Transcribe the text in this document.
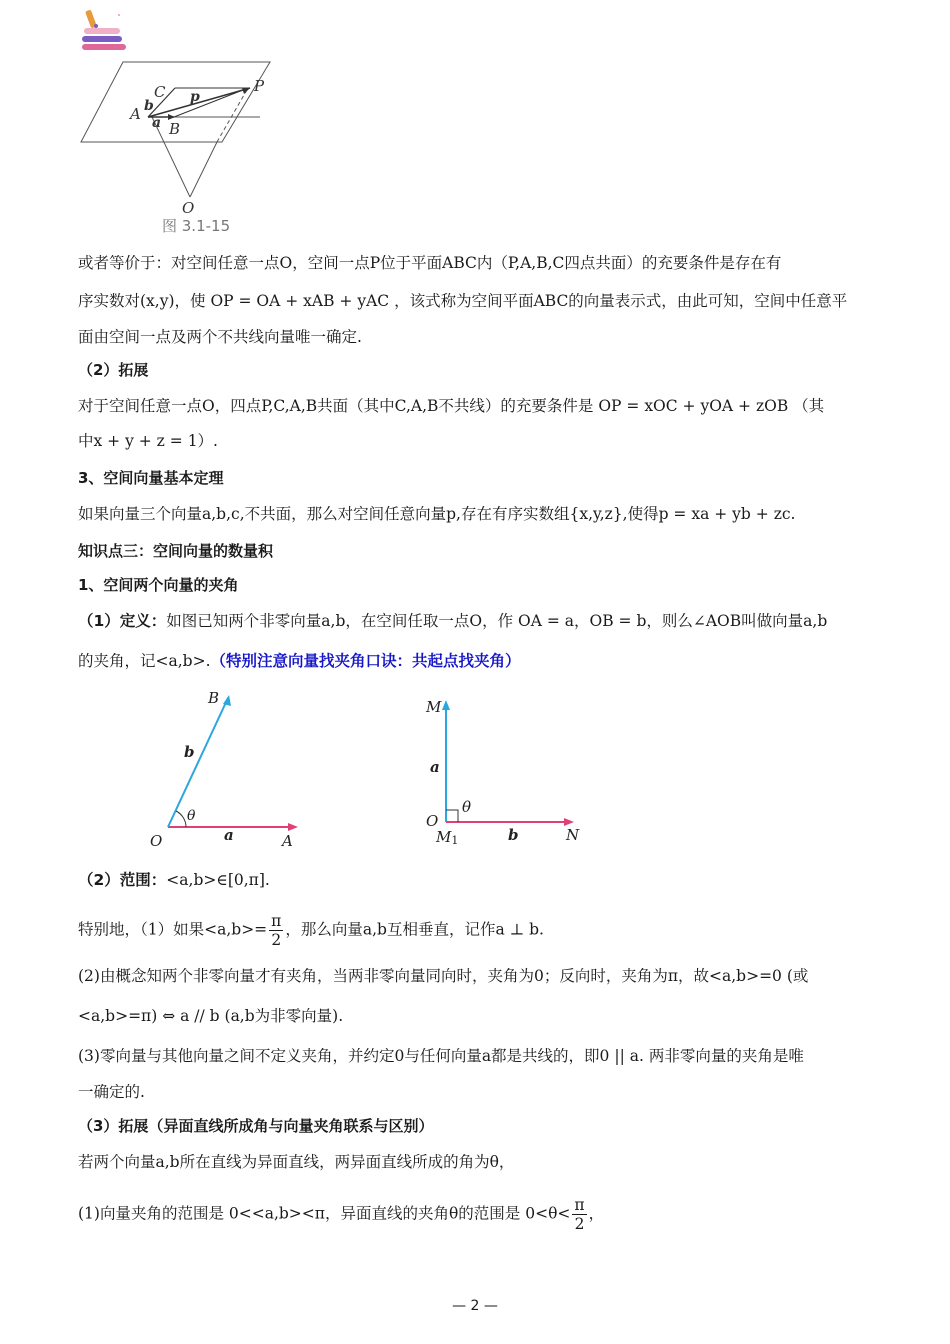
A b
C p
P
a B
O
图 3.1-15
或者等价于：对空间任意一点O，空间一点P位于平面ABC内（P,A,B,C四点共面）的充要条件是存在有
序实数对(x,y)，使 OP = OA + xAB + yAC ，该式称为空间平面ABC的向量表示式，由此可知，空间中任意平
面由空间一点及两个不共线向量唯一确定.
（2）拓展
对于空间任意一点O，四点P,C,A,B共面（其中C,A,B不共线）的充要条件是 OP = xOC + yOA + zOB （其
中x + y + z = 1）.
3、空间向量基本定理
如果向量三个向量a,b,c,不共面，那么对空间任意向量p,存在有序实数组{x,y,z},使得p = xa + yb + zc.
知识点三：空间向量的数量积
1、空间两个向量的夹角
（1）定义：如图已知两个非零向量a,b，在空间任取一点O，作 OA = a，OB = b，则么∠AOB叫做向量a,b
的夹角，记<a,b>.（特别注意向量找夹角口诀：共起点找夹角）
B
b
θ
O	a	A
M
a
θ
O
M1	b	N
（2）范围：<a,b>∈[0,π].
特别地，（1）如果$<a,b>= \frac{\pi}{2}$ ，那么向量a,b互相垂直，记作a ⊥ b.
(2)由概念知两个非零向量才有夹角，当两非零向量同向时，夹角为0；反向时，夹角为π，故<a,b>=0 (或
<a,b>=π) ⇔ a // b (a,b为非零向量).
(3)零向量与其他向量之间不定义夹角，并约定0与任何向量a都是共线的，即0 || a. 两非零向量的夹角是唯
一确定的.
（3）拓展（异面直线所成角与向量夹角联系与区别）
若两个向量a,b所在直线为异面直线，两异面直线所成的角为θ，
(1)向量夹角的范围是 0<<a,b><π，异面直线的夹角θ的范围是 $0<\theta< \frac{\pi}{2}$ ，
— 2 —
